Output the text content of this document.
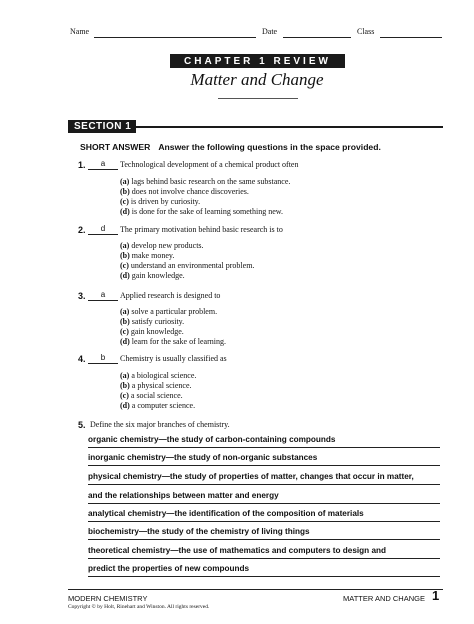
Name	Date	Class
CHAPTER 1 REVIEW
Matter and Change
SECTION 1
SHORT ANSWER Answer the following questions in the space provided.
1.	a	Technological development of a chemical product often
(a) lags behind basic research on the same substance.
(b) does not involve chance discoveries.
(c) is driven by curiosity.
(d) is done for the sake of learning something new.
2.	d	The primary motivation behind basic research is to
(a) develop new products.
(b) make money.
(c) understand an environmental problem.
(d) gain knowledge.
3.	a	Applied research is designed to
(a) solve a particular problem.
(b) satisfy curiosity.
(c) gain knowledge.
(d) learn for the sake of learning.
4.	b	Chemistry is usually classified as
(a) a biological science.
(b) a physical science.
(c) a social science.
(d) a computer science.
5. Define the six major branches of chemistry.
organic chemistry—the study of carbon-containing compounds
inorganic chemistry—the study of non-organic substances
physical chemistry—the study of properties of matter, changes that occur in matter,
and the relationships between matter and energy
analytical chemistry—the identification of the composition of materials
biochemistry—the study of the chemistry of living things
theoretical chemistry—the use of mathematics and computers to design and
predict the properties of new compounds
MODERN CHEMISTRY	MATTER AND CHANGE 1
Copyright © by Holt, Rinehart and Winston. All rights reserved.
